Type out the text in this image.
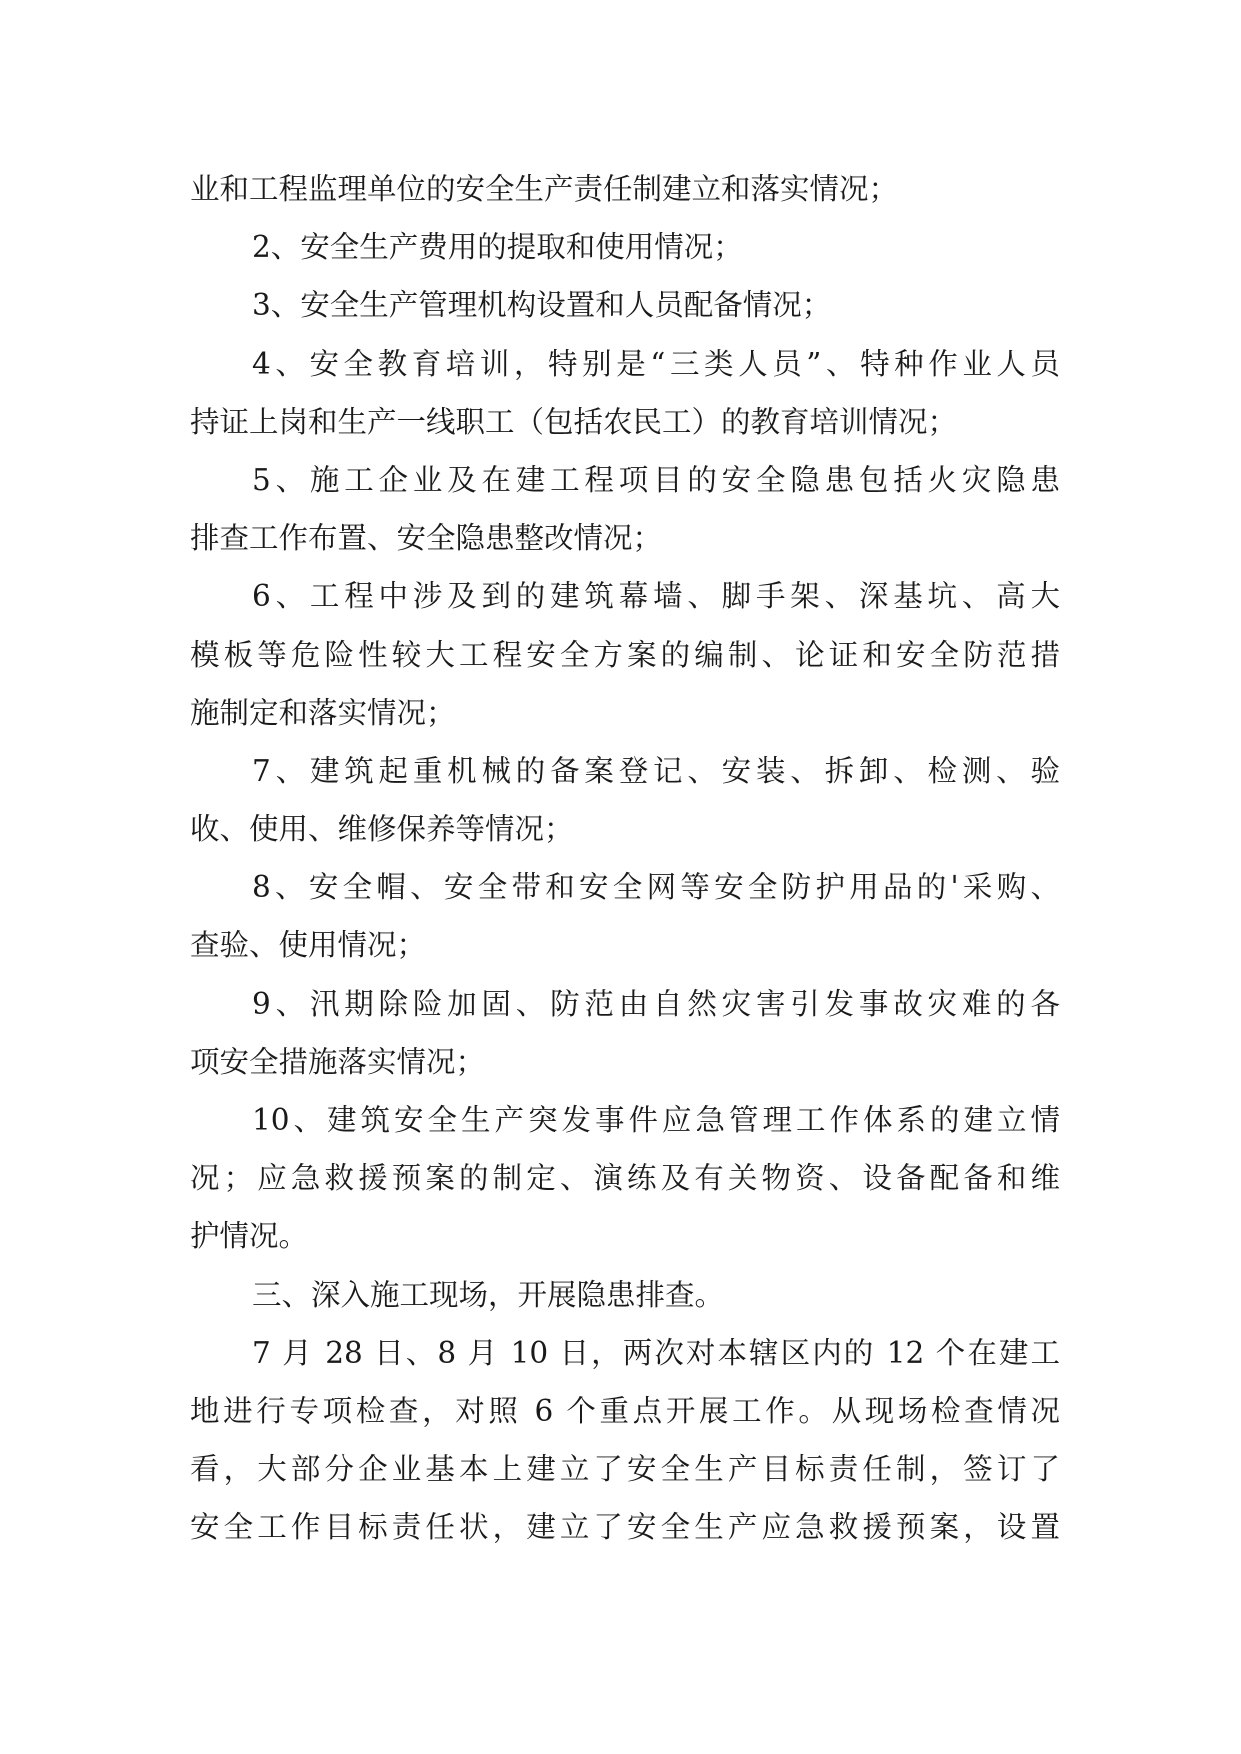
业和工程监理单位的安全生产责任制建立和落实情况；
2、安全生产费用的提取和使用情况；
3、安全生产管理机构设置和人员配备情况；
4、安全教育培训，特别是“三类人员”、特种作业人员
持证上岗和生产一线职工（包括农民工）的教育培训情况；
5、施工企业及在建工程项目的安全隐患包括火灾隐患
排查工作布置、安全隐患整改情况；
6、工程中涉及到的建筑幕墙、脚手架、深基坑、高大
模板等危险性较大工程安全方案的编制、论证和安全防范措
施制定和落实情况；
7、建筑起重机械的备案登记、安装、拆卸、检测、验
收、使用、维修保养等情况；
8、安全帽、安全带和安全网等安全防护用品的'采购、
查验、使用情况；
9、汛期除险加固、防范由自然灾害引发事故灾难的各
项安全措施落实情况；
10、建筑安全生产突发事件应急管理工作体系的建立情
况；应急救援预案的制定、演练及有关物资、设备配备和维
护情况。
三、深入施工现场，开展隐患排查。
7 月 28 日、8 月 10 日，两次对本辖区内的 12 个在建工
地进行专项检查，对照 6 个重点开展工作。从现场检查情况
看，大部分企业基本上建立了安全生产目标责任制，签订了
安全工作目标责任状，建立了安全生产应急救援预案，设置
